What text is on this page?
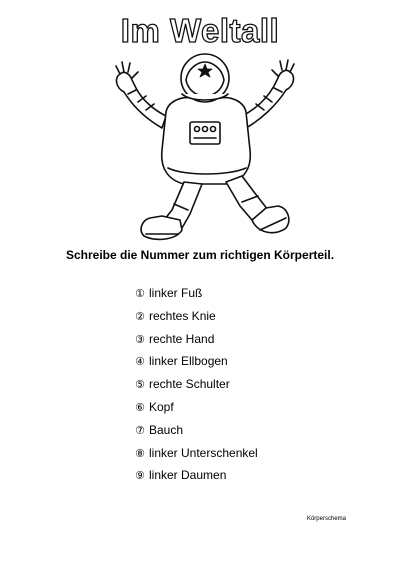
Im Weltall
Schreibe die Nummer zum richtigen Körperteil.
① linker Fuß
② rechtes Knie
③ rechte Hand
④ linker Ellbogen
⑤ rechte Schulter
⑥ Kopf
⑦ Bauch
⑧ linker Unterschenkel
⑨ linker Daumen
Körperschema
